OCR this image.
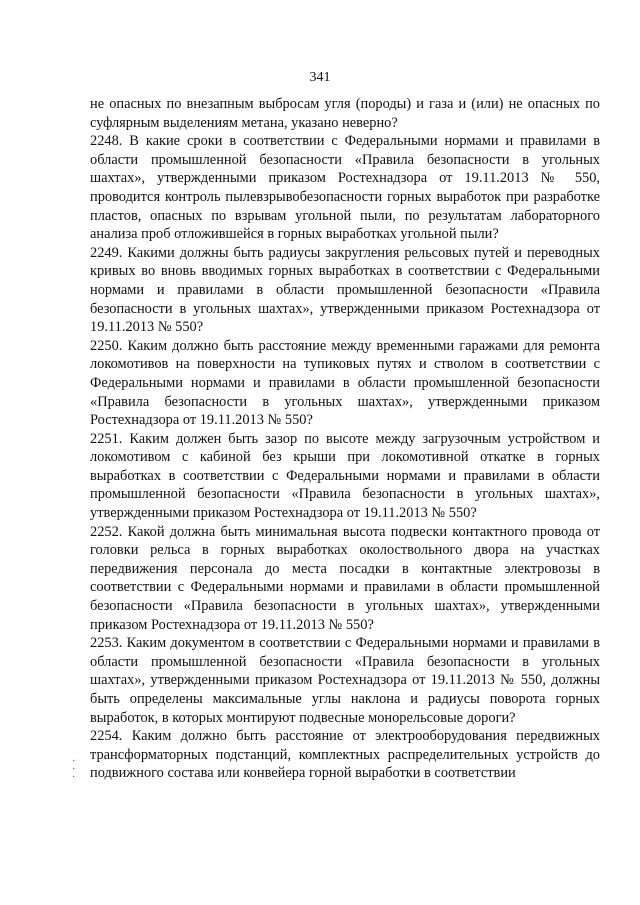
341

не опасных по внезапным выбросам угля (породы) и газа и (или) не опасных по суфлярным выделениям метана, указано неверно?

2248. В какие сроки в соответствии с Федеральными нормами и правилами в области промышленной безопасности «Правила безопасности в угольных шахтах», утвержденными приказом Ростехнадзора от 19.11.2013 № 550, проводится контроль пылевзрывобезопасности горных выработок при разработке пластов, опасных по взрывам угольной пыли, по результатам лабораторного анализа проб отложившейся в горных выработках угольной пыли?

2249. Какими должны быть радиусы закругления рельсовых путей и переводных кривых во вновь вводимых горных выработках в соответствии с Федеральными нормами и правилами в области промышленной безопасности «Правила безопасности в угольных шахтах», утвержденными приказом Ростехнадзора от 19.11.2013 № 550?

2250. Каким должно быть расстояние между временными гаражами для ремонта локомотивов на поверхности на тупиковых путях и стволом в соответствии с Федеральными нормами и правилами в области промышленной безопасности «Правила безопасности в угольных шахтах», утвержденными приказом Ростехнадзора от 19.11.2013 № 550?

2251. Каким должен быть зазор по высоте между загрузочным устройством и локомотивом с кабиной без крыши при локомотивной откатке в горных выработках в соответствии с Федеральными нормами и правилами в области промышленной безопасности «Правила безопасности в угольных шахтах», утвержденными приказом Ростехнадзора от 19.11.2013 № 550?

2252. Какой должна быть минимальная высота подвески контактного провода от головки рельса в горных выработках околоствольного двора на участках передвижения персонала до места посадки в контактные электровозы в соответствии с Федеральными нормами и правилами в области промышленной безопасности «Правила безопасности в угольных шахтах», утвержденными приказом Ростехнадзора от 19.11.2013 № 550?

2253. Каким документом в соответствии с Федеральными нормами и правилами в области промышленной безопасности «Правила безопасности в угольных шахтах», утвержденными приказом Ростехнадзора от 19.11.2013 № 550, должны быть определены максимальные углы наклона и радиусы поворота горных выработок, в которых монтируют подвесные монорельсовые дороги?

2254. Каким должно быть расстояние от электрооборудования передвижных трансформаторных подстанций, комплектных распределительных устройств до подвижного состава или конвейера горной выработки в соответствии

·
·
·
